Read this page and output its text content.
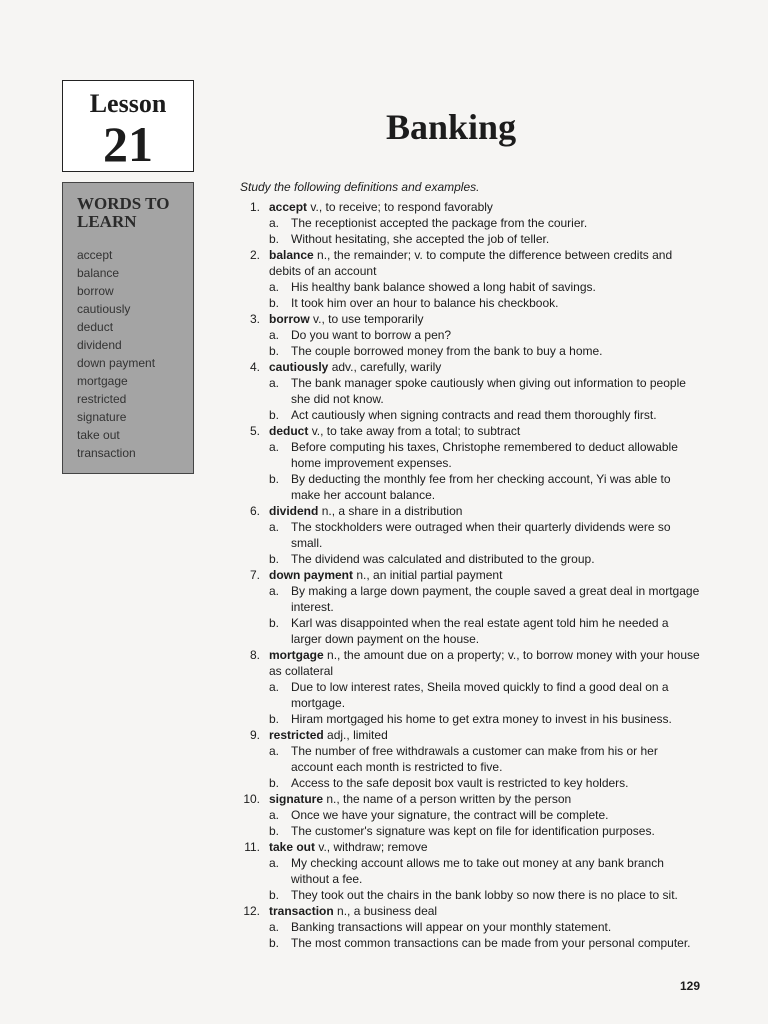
Lesson
21	Banking
WORDS TO LEARN
accept
balance
borrow
cautiously
deduct
dividend
down payment
mortgage
restricted
signature
take out
transaction
Study the following definitions and examples.
1. accept v., to receive; to respond favorably
a. The receptionist accepted the package from the courier.
b. Without hesitating, she accepted the job of teller.
2. balance n., the remainder; v. to compute the difference between credits and debits of an account
a. His healthy bank balance showed a long habit of savings.
b. It took him over an hour to balance his checkbook.
3. borrow v., to use temporarily
a. Do you want to borrow a pen?
b. The couple borrowed money from the bank to buy a home.
4. cautiously adv., carefully, warily
a. The bank manager spoke cautiously when giving out information to people she did not know.
b. Act cautiously when signing contracts and read them thoroughly first.
5. deduct v., to take away from a total; to subtract
a. Before computing his taxes, Christophe remembered to deduct allowable home improvement expenses.
b. By deducting the monthly fee from her checking account, Yi was able to make her account balance.
6. dividend n., a share in a distribution
a. The stockholders were outraged when their quarterly dividends were so small.
b. The dividend was calculated and distributed to the group.
7. down payment n., an initial partial payment
a. By making a large down payment, the couple saved a great deal in mortgage interest.
b. Karl was disappointed when the real estate agent told him he needed a larger down payment on the house.
8. mortgage n., the amount due on a property; v., to borrow money with your house as collateral
a. Due to low interest rates, Sheila moved quickly to find a good deal on a mortgage.
b. Hiram mortgaged his home to get extra money to invest in his business.
9. restricted adj., limited
a. The number of free withdrawals a customer can make from his or her account each month is restricted to five.
b. Access to the safe deposit box vault is restricted to key holders.
10. signature n., the name of a person written by the person
a. Once we have your signature, the contract will be complete.
b. The customer's signature was kept on file for identification purposes.
11. take out v., withdraw; remove
a. My checking account allows me to take out money at any bank branch without a fee.
b. They took out the chairs in the bank lobby so now there is no place to sit.
12. transaction n., a business deal
a. Banking transactions will appear on your monthly statement.
b. The most common transactions can be made from your personal computer.
129
